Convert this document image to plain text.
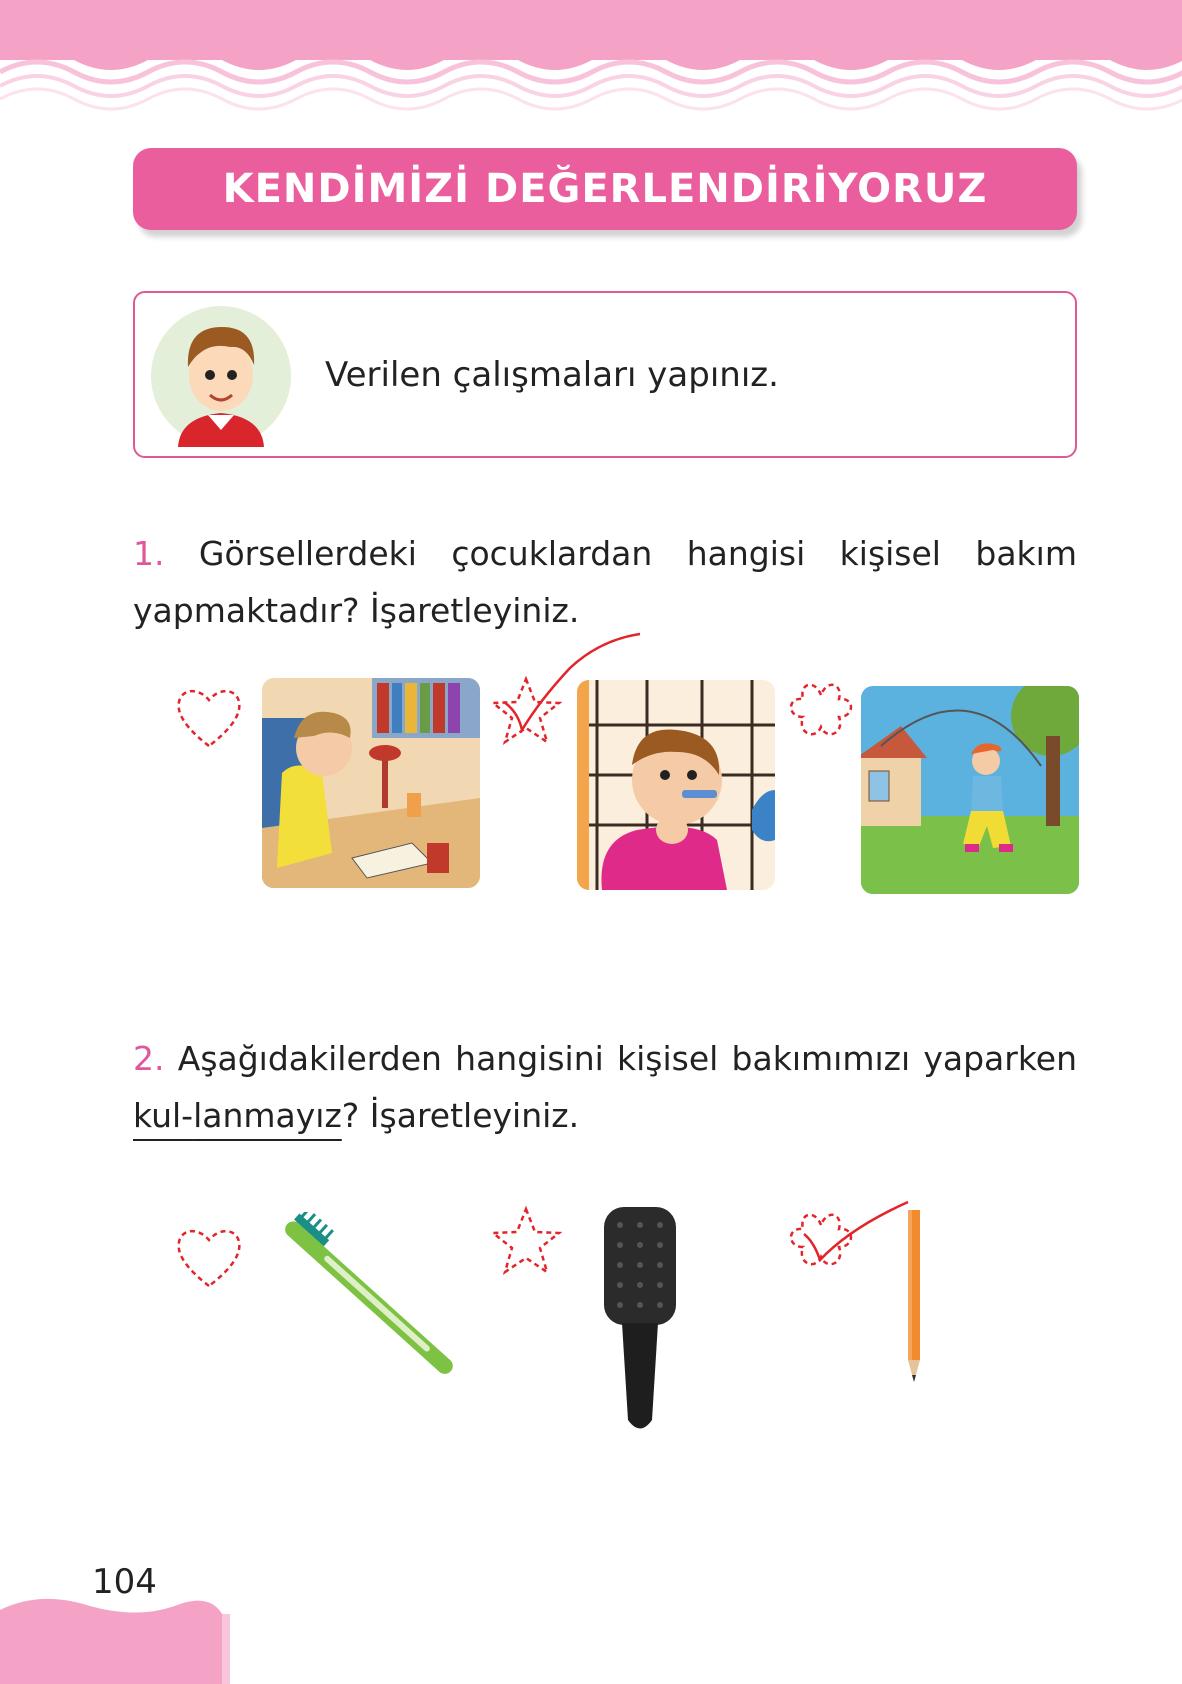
KENDİMİZİ DEĞERLENDİRİYORUZ
Verilen çalışmaları yapınız.
1. Görsellerdeki çocuklardan hangisi kişisel bakım yapmaktadır? İşaretleyiniz.
2. Aşağıdakilerden hangisini kişisel bakımımızı yaparken kul-lanmayız? İşaretleyiniz.
104
